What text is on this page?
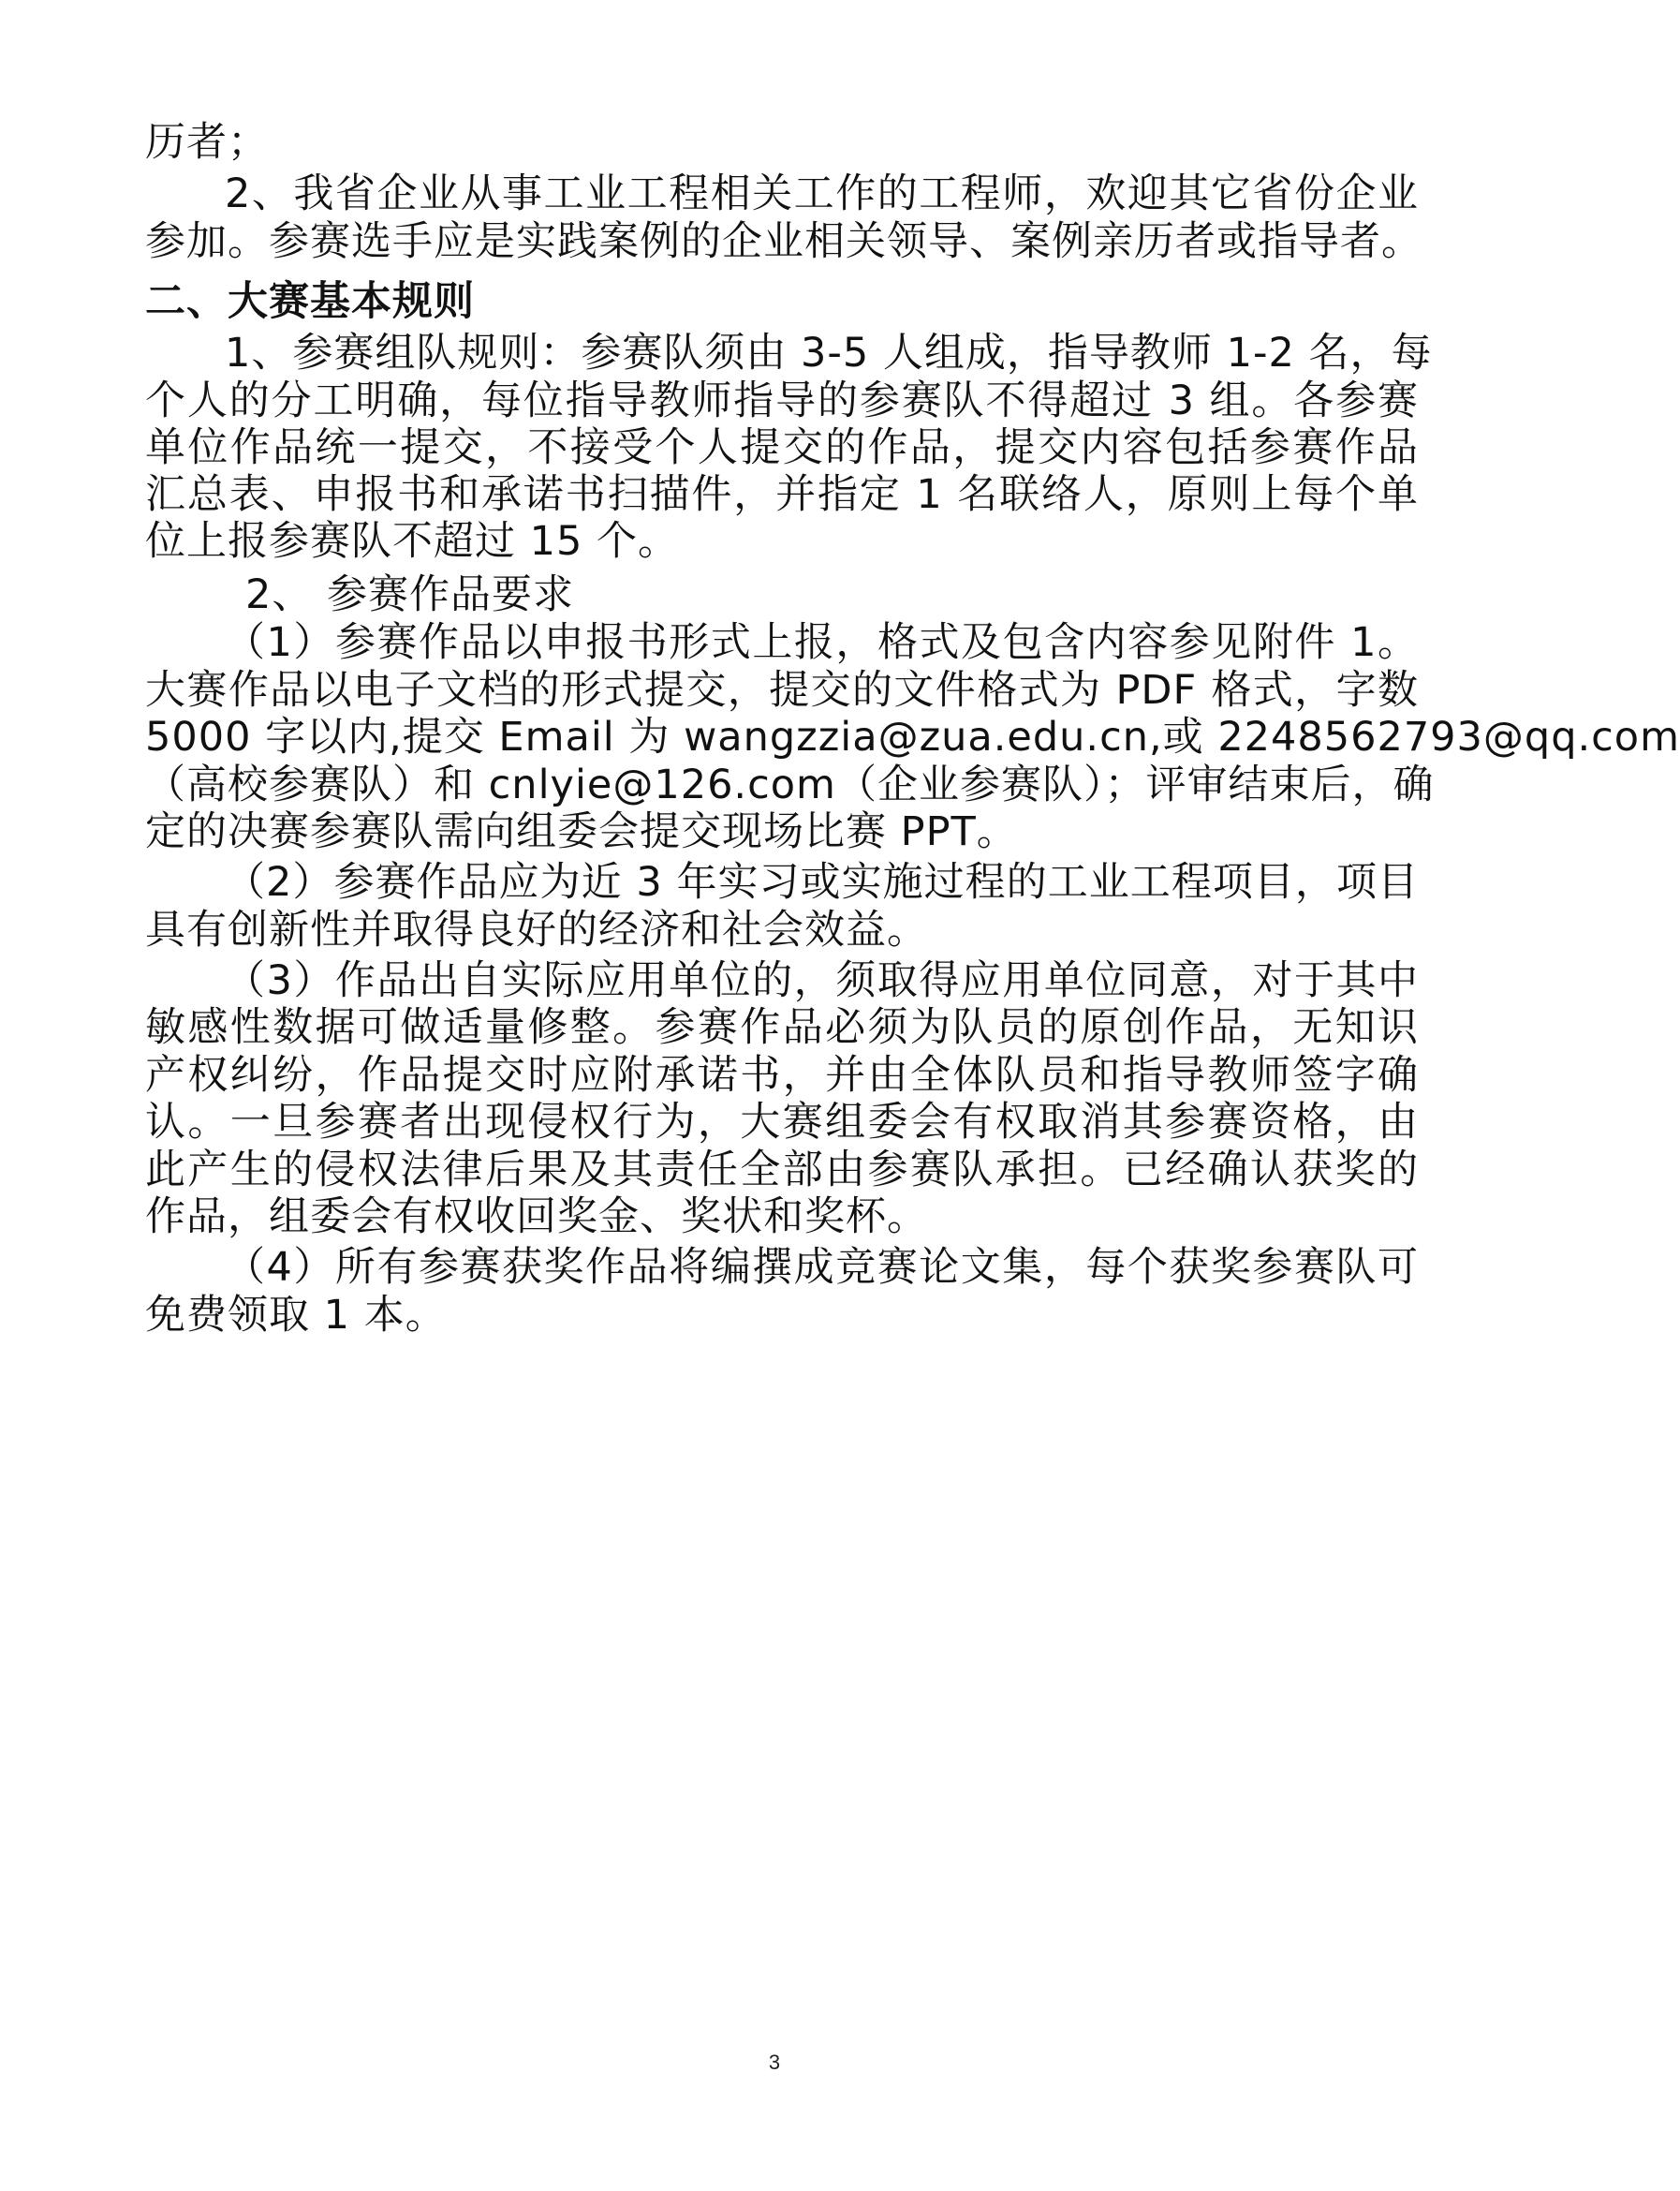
历者；
2、我省企业从事工业工程相关工作的工程师，欢迎其它省份企业
参加。参赛选手应是实践案例的企业相关领导、案例亲历者或指导者。
二、大赛基本规则
1、参赛组队规则：参赛队须由 3-5 人组成，指导教师 1-2 名，每
个人的分工明确，每位指导教师指导的参赛队不得超过 3 组。各参赛
单位作品统一提交，不接受个人提交的作品，提交内容包括参赛作品
汇总表、申报书和承诺书扫描件，并指定 1 名联络人，原则上每个单
位上报参赛队不超过 15 个。
2、 参赛作品要求
（1）参赛作品以申报书形式上报，格式及包含内容参见附件 1。
大赛作品以电子文档的形式提交，提交的文件格式为 PDF 格式，字数
5000 字以内,提交 Email 为 wangzzia@zua.edu.cn,或 2248562793@qq.com
（高校参赛队）和 cnlyie@126.com（企业参赛队）；评审结束后，确
定的决赛参赛队需向组委会提交现场比赛 PPT。
（2）参赛作品应为近 3 年实习或实施过程的工业工程项目，项目
具有创新性并取得良好的经济和社会效益。
（3）作品出自实际应用单位的，须取得应用单位同意，对于其中
敏感性数据可做适量修整。参赛作品必须为队员的原创作品，无知识
产权纠纷，作品提交时应附承诺书，并由全体队员和指导教师签字确
认。一旦参赛者出现侵权行为，大赛组委会有权取消其参赛资格，由
此产生的侵权法律后果及其责任全部由参赛队承担。已经确认获奖的
作品，组委会有权收回奖金、奖状和奖杯。
（4）所有参赛获奖作品将编撰成竞赛论文集，每个获奖参赛队可
免费领取 1 本。
3
